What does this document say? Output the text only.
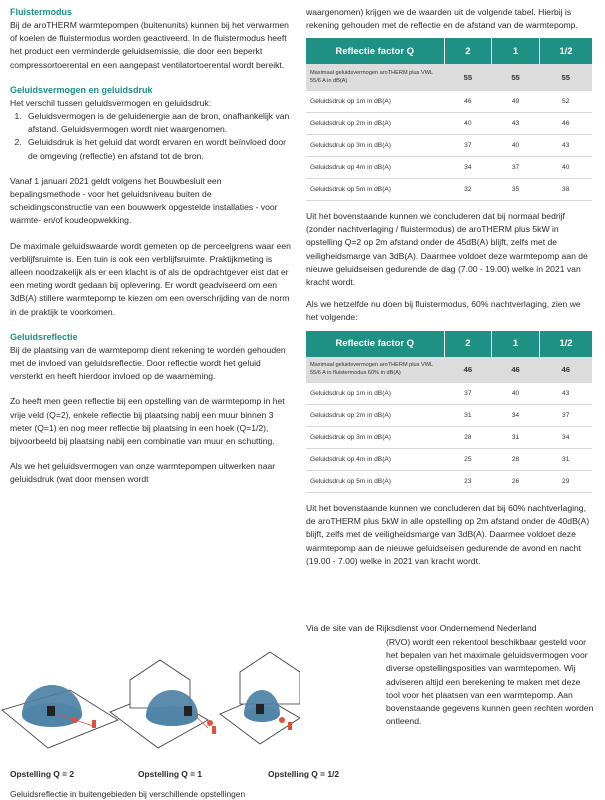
Fluistermodus

Bij de aroTHERM warmtepompen (buitenunits) kunnen bij het verwarmen of koelen de fluistermodus worden geactiveerd. In de fluistermodus heeft het product een verminderde geluidsemissie, die door een beperkt compressortoerental en een aangepast ventilatortoerental wordt bereikt.

Geluidsvermogen en geluidsdruk

Het verschil tussen geluidsvermogen en geluidsdruk:

1. Geluidsvermogen is de geluidenergie aan de bron, onafhankelijk van afstand. Geluidsvermogen wordt niet waargenomen.
2. Geluidsdruk is het geluid dat wordt ervaren en wordt beïnvloed door de omgeving (reflectie) en afstand tot de bron.

Vanaf 1 januari 2021 geldt volgens het Bouwbesluit een bepalingsmethode - voor het geluidsniveau buiten de scheidingsconstructie van een bouwwerk opgestelde installaties - voor warmte- en/of koudeopwekking.

De maximale geluidswaarde wordt gemeten op de perceelgrens waar een verblijfsruimte is. Een tuin is ook een verblijfsruimte. Praktijkmeting is alleen noodzakelijk als er een klacht is of als de opdrachtgever eist dat er een meting wordt gedaan bij oplevering. Er wordt geadviseerd om een 3dB(A) stillere warmtepomp te kiezen om een overschrijding van de norm in de praktijk te voorkomen.

Geluidsreflectie

Bij de plaatsing van de warmtepomp dient rekening te worden gehouden met de invloed van geluidsreflectie. Door reflectie wordt het geluid versterkt en heeft hierdoor invloed op de waarneming.

Zo heeft men geen reflectie bij een opstelling van de warmtepomp in het vrije veld (Q=2), enkele reflectie bij plaatsing nabij een muur binnen 3 meter (Q=1) en nog meer reflectie bij plaatsing in een hoek (Q=1/2), bijvoorbeeld bij plaatsing nabij een combinatie van muur en schutting.

Als we het geluidsvermogen van onze warmtepompen uitwerken naar geluidsdruk (wat door mensen wordt

waargenomen) krijgen we de waarden uit de volgende tabel. Hierbij is rekening gehouden met de reflectie en de afstand van de warmtepomp.

Reflectie factor Q	2	1	1/2
Maximaal geluidsvermogen aroTHERM plus VWL 55/6 A in dB(A)	55	55	55
Geluidsdruk op 1m in dB(A)	46	49	52
Geluidsdruk op 2m in dB(A)	40	43	46
Geluidsdruk op 3m in dB(A)	37	40	43
Geluidsdruk op 4m in dB(A)	34	37	40
Geluidsdruk op 5m in dB(A)	32	35	38

Uit het bovenstaande kunnen we concluderen dat bij normaal bedrijf (zonder nachtverlaging / fluistermodus) de aroTHERM plus 5kW in opstelling Q=2 op 2m afstand onder de 45dB(A) blijft, zelfs met de veiligheidsmarge van 3dB(A). Daarmee voldoet deze warmtepomp aan de nieuwe geluidseisen gedurende de dag (7.00 - 19.00) welke in 2021 van kracht wordt.

Als we hetzelfde nu doen bij fluistermodus, 60% nachtverlaging, zien we het volgende:

Reflectie factor Q	2	1	1/2
Maximaal geluidsvermogen aroTHERM plus VWL 55/6 A in fluistermodus 60% in dB(A)	46	46	46
Geluidsdruk op 1m in dB(A)	37	40	43
Geluidsdruk op 2m in dB(A)	31	34	37
Geluidsdruk op 3m in dB(A)	28	31	34
Geluidsdruk op 4m in dB(A)	25	28	31
Geluidsdruk op 5m in dB(A)	23	26	29

Uit het bovenstaande kunnen we concluderen dat bij 60% nachtverlaging, de aroTHERM plus 5kW in alle opstelling op 2m afstand onder de 40dB(A) blijft, zelfs met de veiligheidsmarge van 3dB(A). Daarmee voldoet deze warmtepomp aan de nieuwe geluidseisen gedurende de avond en nacht (19.00 - 7.00) welke in 2021 van kracht wordt.

Via de site van de Rijksdienst voor Ondernemend Nederland

(RVO) wordt een rekentool beschikbaar gesteld voor het bepalen van het maximale geluidsvermogen voor diverse opstellingsposities van warmtepomen. Wij adviseren altijd een berekening te maken met deze tool voor het plaatsen van een warmtepomp. Aan bovenstaande gegevens kunnen geen rechten worden ontleend.

Opstelling Q = 2	Opstelling Q = 1	Opstelling Q = 1/2

Geluidsreflectie in buitengebieden bij verschillende opstellingen
